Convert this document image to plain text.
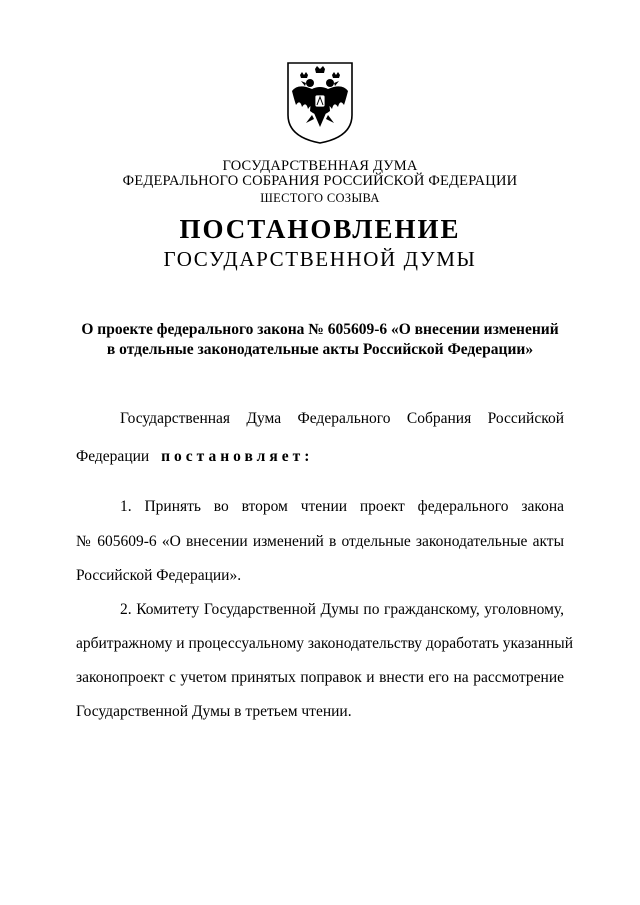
ГОСУДАРСТВЕННАЯ ДУМА
ФЕДЕРАЛЬНОГО СОБРАНИЯ РОССИЙСКОЙ ФЕДЕРАЦИИ
ШЕСТОГО СОЗЫВА
ПОСТАНОВЛЕНИЕ
ГОСУДАРСТВЕННОЙ ДУМЫ
О проекте федерального закона № 605609-6 «О внесении изменений
в отдельные законодательные акты Российской Федерации»
Государственная Дума Федерального Собрания Российской
Федерации постановляет:
1. Принять во втором чтении проект федерального закона
№ 605609-6 «О внесении изменений в отдельные законодательные акты
Российской Федерации».
2. Комитету Государственной Думы по гражданскому, уголовному,
арбитражному и процессуальному законодательству доработать указанный
законопроект с учетом принятых поправок и внести его на рассмотрение
Государственной Думы в третьем чтении.
